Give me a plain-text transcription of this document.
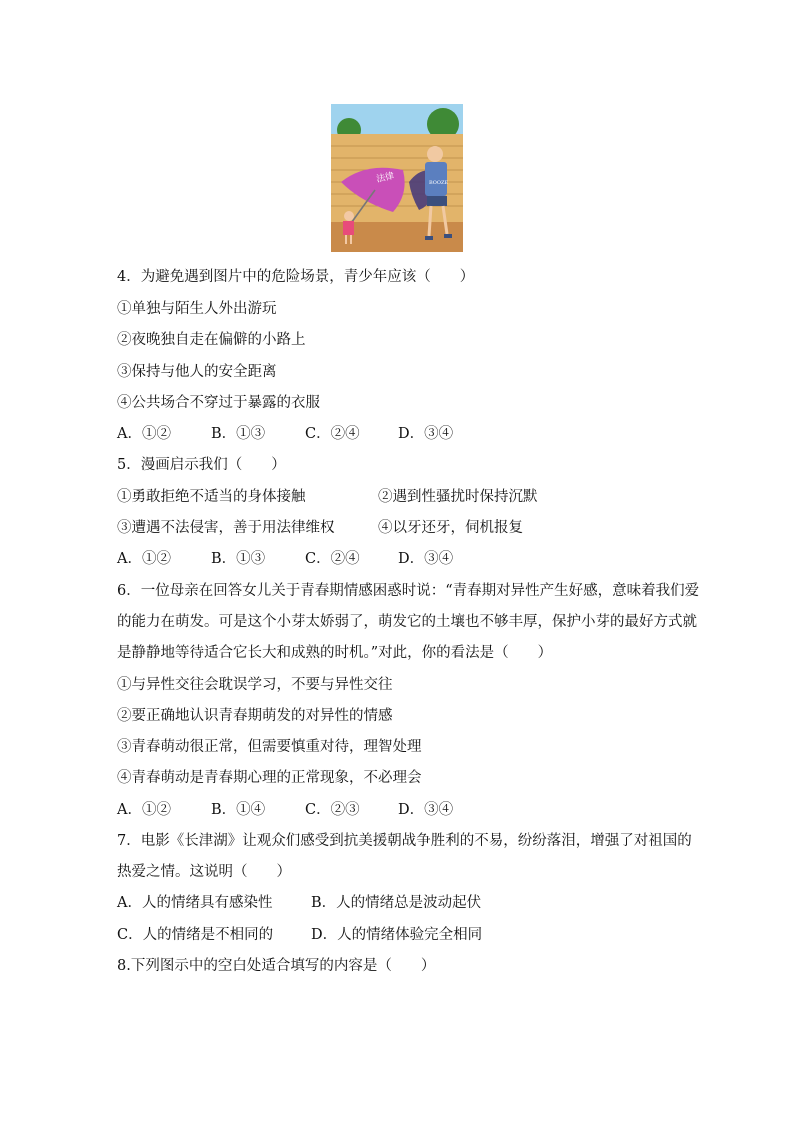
法律	BOOZE
4．为避免遇到图片中的危险场景，青少年应该（　　）
①单独与陌生人外出游玩
②夜晚独自走在偏僻的小路上
③保持与他人的安全距离
④公共场合不穿过于暴露的衣服
A．①②	B．①③	C．②④	D．③④
5．漫画启示我们（　　）
①勇敢拒绝不适当的身体接触	②遇到性骚扰时保持沉默
③遭遇不法侵害，善于用法律维权	④以牙还牙，伺机报复
A．①②	B．①③	C．②④	D．③④
6．一位母亲在回答女儿关于青春期情感困惑时说：“青春期对异性产生好感，意味着我们爱
的能力在萌发。可是这个小芽太娇弱了，萌发它的土壤也不够丰厚，保护小芽的最好方式就
是静静地等待适合它长大和成熟的时机。”对此，你的看法是（　　）
①与异性交往会耽误学习，不要与异性交往
②要正确地认识青春期萌发的对异性的情感
③青春萌动很正常，但需要慎重对待，理智处理
④青春萌动是青春期心理的正常现象，不必理会
A．①②	B．①④	C．②③	D．③④
7．电影《长津湖》让观众们感受到抗美援朝战争胜利的不易，纷纷落泪，增强了对祖国的
热爱之情。这说明（　　）
A．人的情绪具有感染性	B．人的情绪总是波动起伏
C．人的情绪是不相同的	D．人的情绪体验完全相同
8.下列图示中的空白处适合填写的内容是（　　）
